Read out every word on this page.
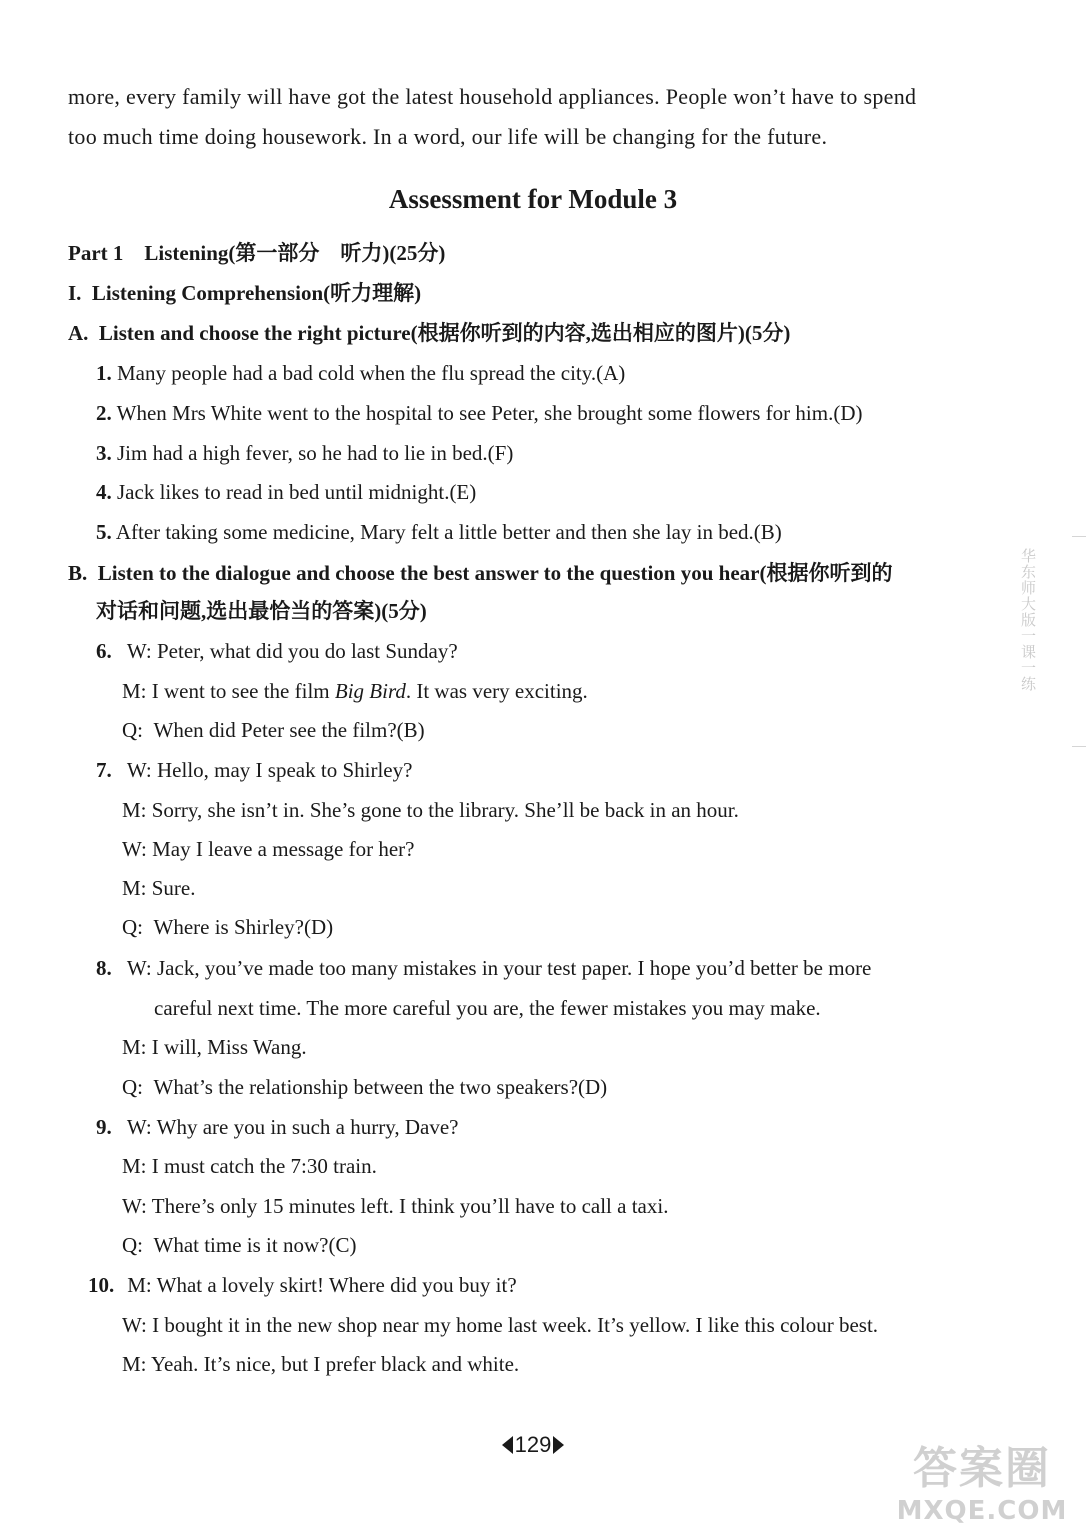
more, every family will have got the latest household appliances. People won’t have to spend
too much time doing housework. In a word, our life will be changing for the future.
Assessment for Module 3
Part 1 Listening(第一部分　听力)(25分)
I. Listening Comprehension(听力理解)
A. Listen and choose the right picture(根据你听到的内容,选出相应的图片)(5分)
1. Many people had a bad cold when the flu spread the city.(A)
2. When Mrs White went to the hospital to see Peter, she brought some flowers for him.(D)
3. Jim had a high fever, so he had to lie in bed.(F)
4. Jack likes to read in bed until midnight.(E)
5. After taking some medicine, Mary felt a little better and then she lay in bed.(B)
B. Listen to the dialogue and choose the best answer to the question you hear(根据你听到的
对话和问题,选出最恰当的答案)(5分)
6. W: Peter, what did you do last Sunday?
M: I went to see the film Big Bird. It was very exciting.
Q: When did Peter see the film?(B)
7. W: Hello, may I speak to Shirley?
M: Sorry, she isn’t in. She’s gone to the library. She’ll be back in an hour.
W: May I leave a message for her?
M: Sure.
Q: Where is Shirley?(D)
8. W: Jack, you’ve made too many mistakes in your test paper. I hope you’d better be more
careful next time. The more careful you are, the fewer mistakes you may make.
M: I will, Miss Wang.
Q: What’s the relationship between the two speakers?(D)
9. W: Why are you in such a hurry, Dave?
M: I must catch the 7:30 train.
W: There’s only 15 minutes left. I think you’ll have to call a taxi.
Q: What time is it now?(C)
10. M: What a lovely skirt! Where did you buy it?
W: I bought it in the new shop near my home last week. It’s yellow. I like this colour best.
M: Yeah. It’s nice, but I prefer black and white.
华东师大版一课一练
129	答案圈
MXQE.COM
